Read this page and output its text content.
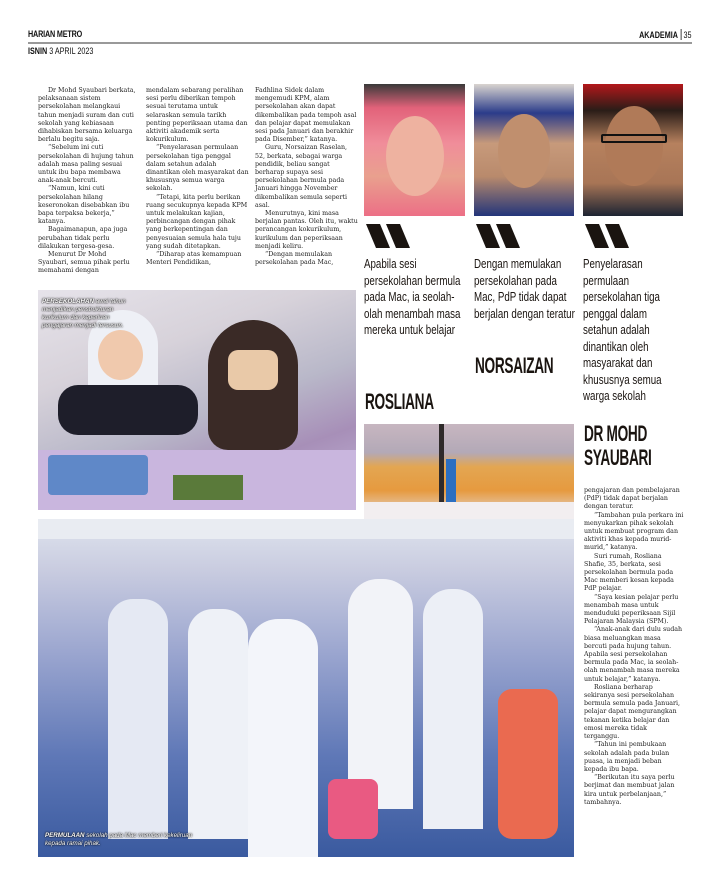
HARIAN METRO
ISNIN 3 APRIL 2023
AKADEMIA 35

Dr Mohd Syaubari berkata, pelaksanaan sistem persekolahan melangkaui tahun menjadi suram dan cuti sekolah yang kebiasaan dihabiskan bersama keluarga berlalu begitu saja.

“Sebelum ini cuti persekolahan di hujung tahun adalah masa paling sesuai untuk ibu bapa membawa anak-anak bercuti.

“Namun, kini cuti persekolahan hilang keseronokan disebabkan ibu bapa terpaksa bekerja,” katanya.

Bagaimanapun, apa juga perubahan tidak perlu dilakukan tergesa-gesa.

Menurut Dr Mohd Syaubari, semua pihak perlu memahami dengan

mendalam sebarang peralihan sesi perlu diberikan tempoh sesuai terutama untuk selaraskan semula tarikh penting peperiksaan utama dan aktiviti akademik serta kokurikulum.

“Penyelarasan permulaan persekolahan tiga penggal dalam setahun adalah dinantikan oleh masyarakat dan khususnya semua warga sekolah.

“Tetapi, kita perlu berikan ruang secukupnya kepada KPM untuk melakukan kajian, perbincangan dengan pihak yang berkepentingan dan penyesuaian semula hala tuju yang sudah ditetapkan.

“Diharap atas kemampuan Menteri Pendidikan,

Fadhlina Sidek dalam mengemudi KPM, alam persekolahan akan dapat dikembalikan pada tempoh asal dan pelajar dapat memulakan sesi pada Januari dan berakhir pada Disember,” katanya.

Guru, Norsaizan Raselan, 52, berkata, sebagai warga pendidik, beliau sangat berharap supaya sesi persekolahan bermula pada Januari hingga November dikembalikan semula seperti asal.

Menurutnya, kini masa berjalan pantas. Oleh itu, waktu perancangan kokurikulum, kurikulum dan peperiksaan menjadi keliru.

“Dengan memulakan persekolahan pada Mac,	Apabila sesi persekolahan bermula pada Mac, ia seolah-olah menambah masa mereka untuk belajar
ROSLIANA
Dengan memulakan persekolahan pada Mac, PdP tidak dapat berjalan dengan teratur
NORSAIZAN
Penyelarasan permulaan persekolahan tiga penggal dalam setahun adalah dinantikan oleh masyarakat dan khususnya semua warga sekolah
DR MOHD SYAUBARI

pengajaran dan pembelajaran (PdP) tidak dapat berjalan dengan teratur.

“Tambahan pula perkara ini menyukarkan pihak sekolah untuk membuat program dan aktiviti khas kepada murid-murid,” katanya.

Suri rumah, Rosliana Shafie, 35, berkata, sesi persekolahan bermula pada Mac memberi kesan kepada PdP pelajar.

“Saya kesian pelajar perlu menambah masa untuk menduduki peperiksaan Sijil Pelajaran Malaysia (SPM).

“Anak-anak dari dulu sudah biasa meluangkan masa bercuti pada hujung tahun. Apabila sesi persekolahan bermula pada Mac, ia seolah-olah menambah masa mereka untuk belajar,” katanya.

Rosliana berharap sekiranya sesi persekolahan bermula semula pada Januari, pelajar dapat mengurangkan tekanan ketika belajar dan emosi mereka tidak terganggu.

“Tahun ini pembukaan sekolah adalah pada bulan puasa, ia menjadi beban kepada ibu bapa.

“Berikutan itu saya perlu berjimat dan membuat jalan kira untuk perbelanjaan,” tambahnya.

PERSEKOLAHAN awal tahun menjadikan penstrukturan kurikulum dan keperluan pengajaran menjadi tersusun.
PERMULAAN sekolah pada Mac memberi kekeliruan kepada ramai pihak.
